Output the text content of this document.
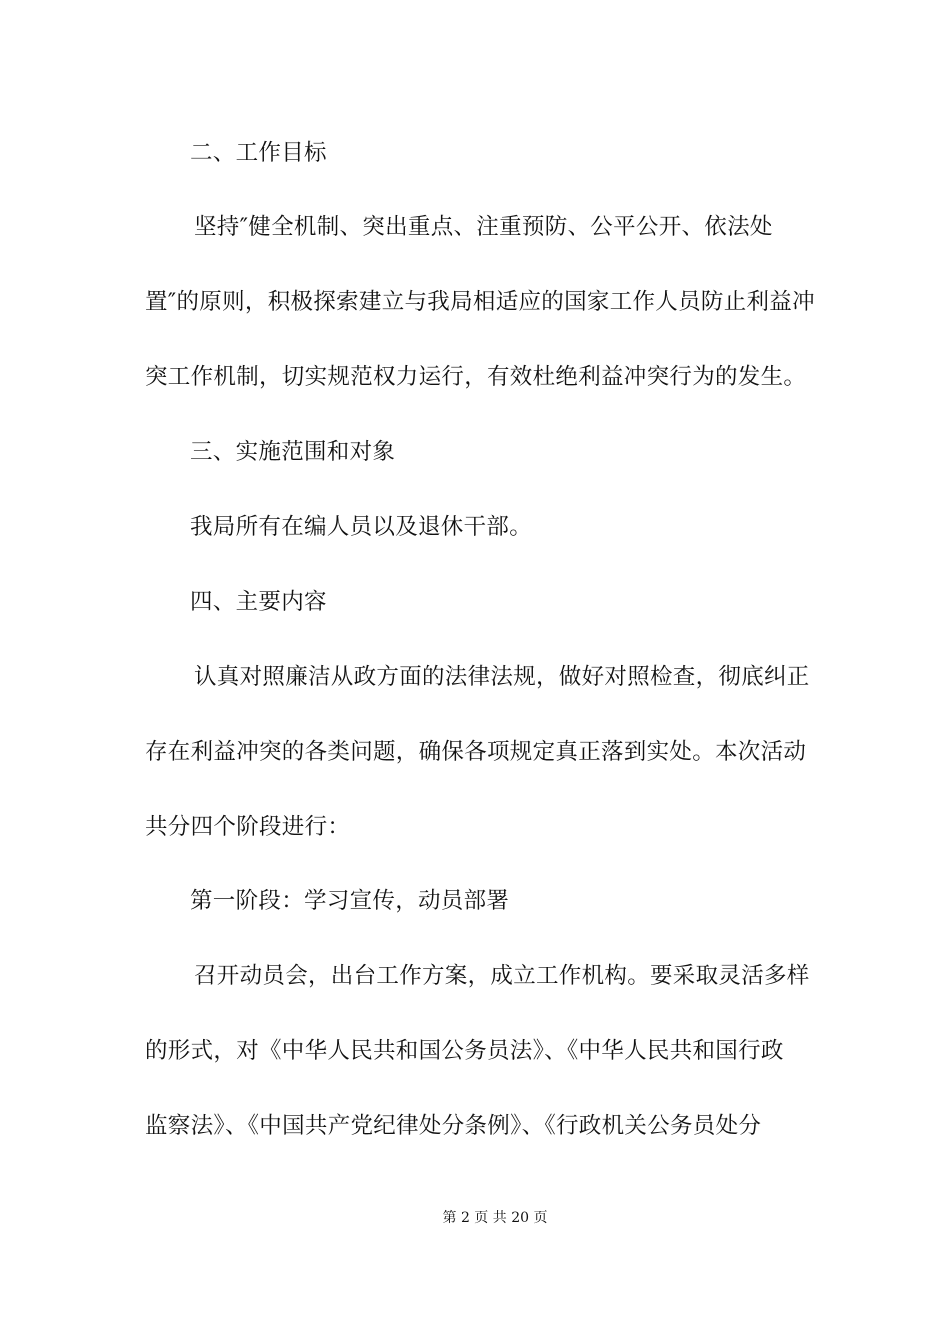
二、工作目标
坚持″健全机制、突出重点、注重预防、公平公开、依法处
置″的原则，积极探索建立与我局相适应的国家工作人员防止利益冲
突工作机制，切实规范权力运行，有效杜绝利益冲突行为的发生。
三、实施范围和对象
我局所有在编人员以及退休干部。
四、主要内容
认真对照廉洁从政方面的法律法规，做好对照检查，彻底纠正
存在利益冲突的各类问题，确保各项规定真正落到实处。本次活动
共分四个阶段进行：
第一阶段：学习宣传，动员部署
召开动员会，出台工作方案，成立工作机构。要采取灵活多样
的形式，对《中华人民共和国公务员法》、《中华人民共和国行政
监察法》、《中国共产党纪律处分条例》、《行政机关公务员处分
第 2 页 共 20 页
